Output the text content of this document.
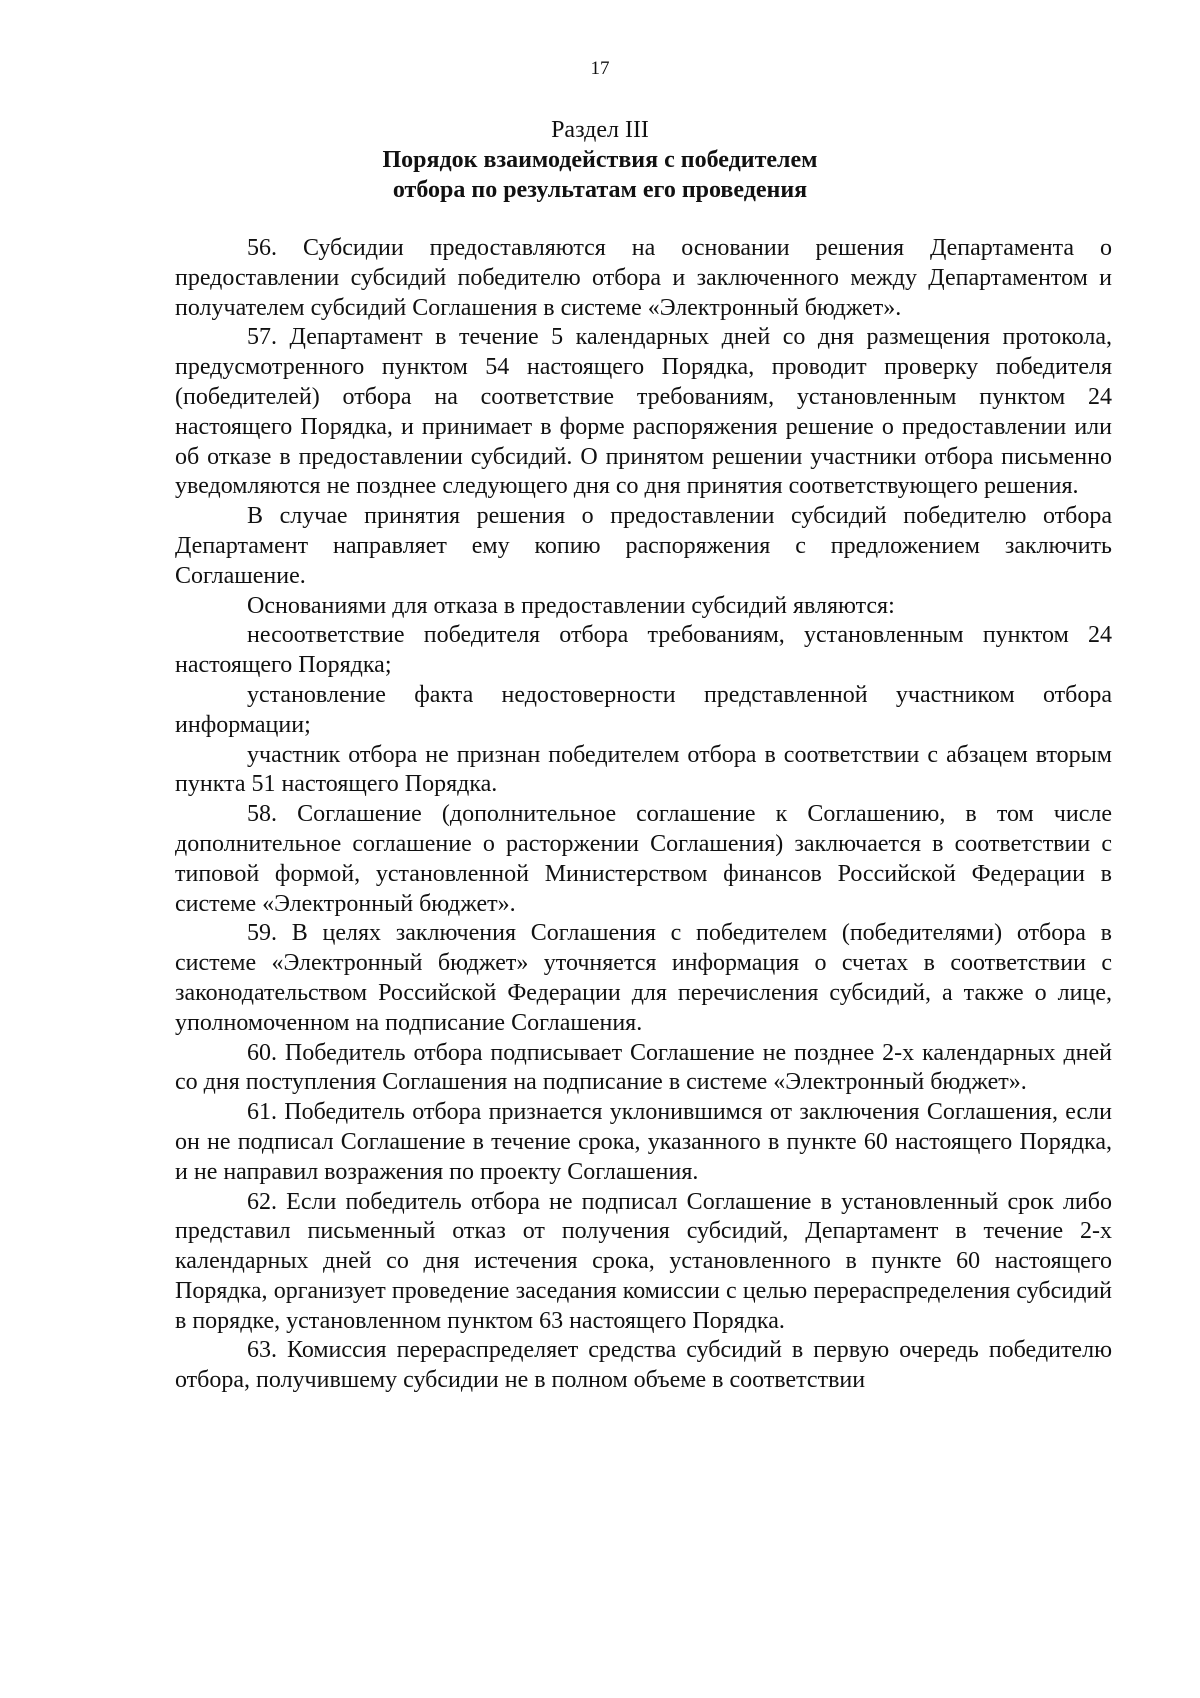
17
Раздел III
Порядок взаимодействия с победителем
отбора по результатам его проведения

56. Субсидии предоставляются на основании решения Департамента о предоставлении субсидий победителю отбора и заключенного между Департаментом и получателем субсидий Соглашения в системе «Электронный бюджет».

57. Департамент в течение 5 календарных дней со дня размещения протокола, предусмотренного пунктом 54 настоящего Порядка, проводит проверку победителя (победителей) отбора на соответствие требованиям, установленным пунктом 24 настоящего Порядка, и принимает в форме распоряжения решение о предоставлении или об отказе в предоставлении субсидий. О принятом решении участники отбора письменно уведомляются не позднее следующего дня со дня принятия соответствующего решения.

В случае принятия решения о предоставлении субсидий победителю отбора Департамент направляет ему копию распоряжения с предложением заключить Соглашение.

Основаниями для отказа в предоставлении субсидий являются:

несоответствие победителя отбора требованиям, установленным пунктом 24 настоящего Порядка;

установление факта недостоверности представленной участником отбора информации;

участник отбора не признан победителем отбора в соответствии с абзацем вторым пункта 51 настоящего Порядка.

58. Соглашение (дополнительное соглашение к Соглашению, в том числе дополнительное соглашение о расторжении Соглашения) заключается в соответствии с типовой формой, установленной Министерством финансов Российской Федерации в системе «Электронный бюджет».

59. В целях заключения Соглашения с победителем (победителями) отбора в системе «Электронный бюджет» уточняется информация о счетах в соответствии с законодательством Российской Федерации для перечисления субсидий, а также о лице, уполномоченном на подписание Соглашения.

60. Победитель отбора подписывает Соглашение не позднее 2-х календарных дней со дня поступления Соглашения на подписание в системе «Электронный бюджет».

61. Победитель отбора признается уклонившимся от заключения Соглашения, если он не подписал Соглашение в течение срока, указанного в пункте 60 настоящего Порядка, и не направил возражения по проекту Соглашения.

62. Если победитель отбора не подписал Соглашение в установленный срок либо представил письменный отказ от получения субсидий, Департамент в течение 2-х календарных дней со дня истечения срока, установленного в пункте 60 настоящего Порядка, организует проведение заседания комиссии с целью перераспределения субсидий в порядке, установленном пунктом 63 настоящего Порядка.

63. Комиссия перераспределяет средства субсидий в первую очередь победителю отбора, получившему субсидии не в полном объеме в соответствии
